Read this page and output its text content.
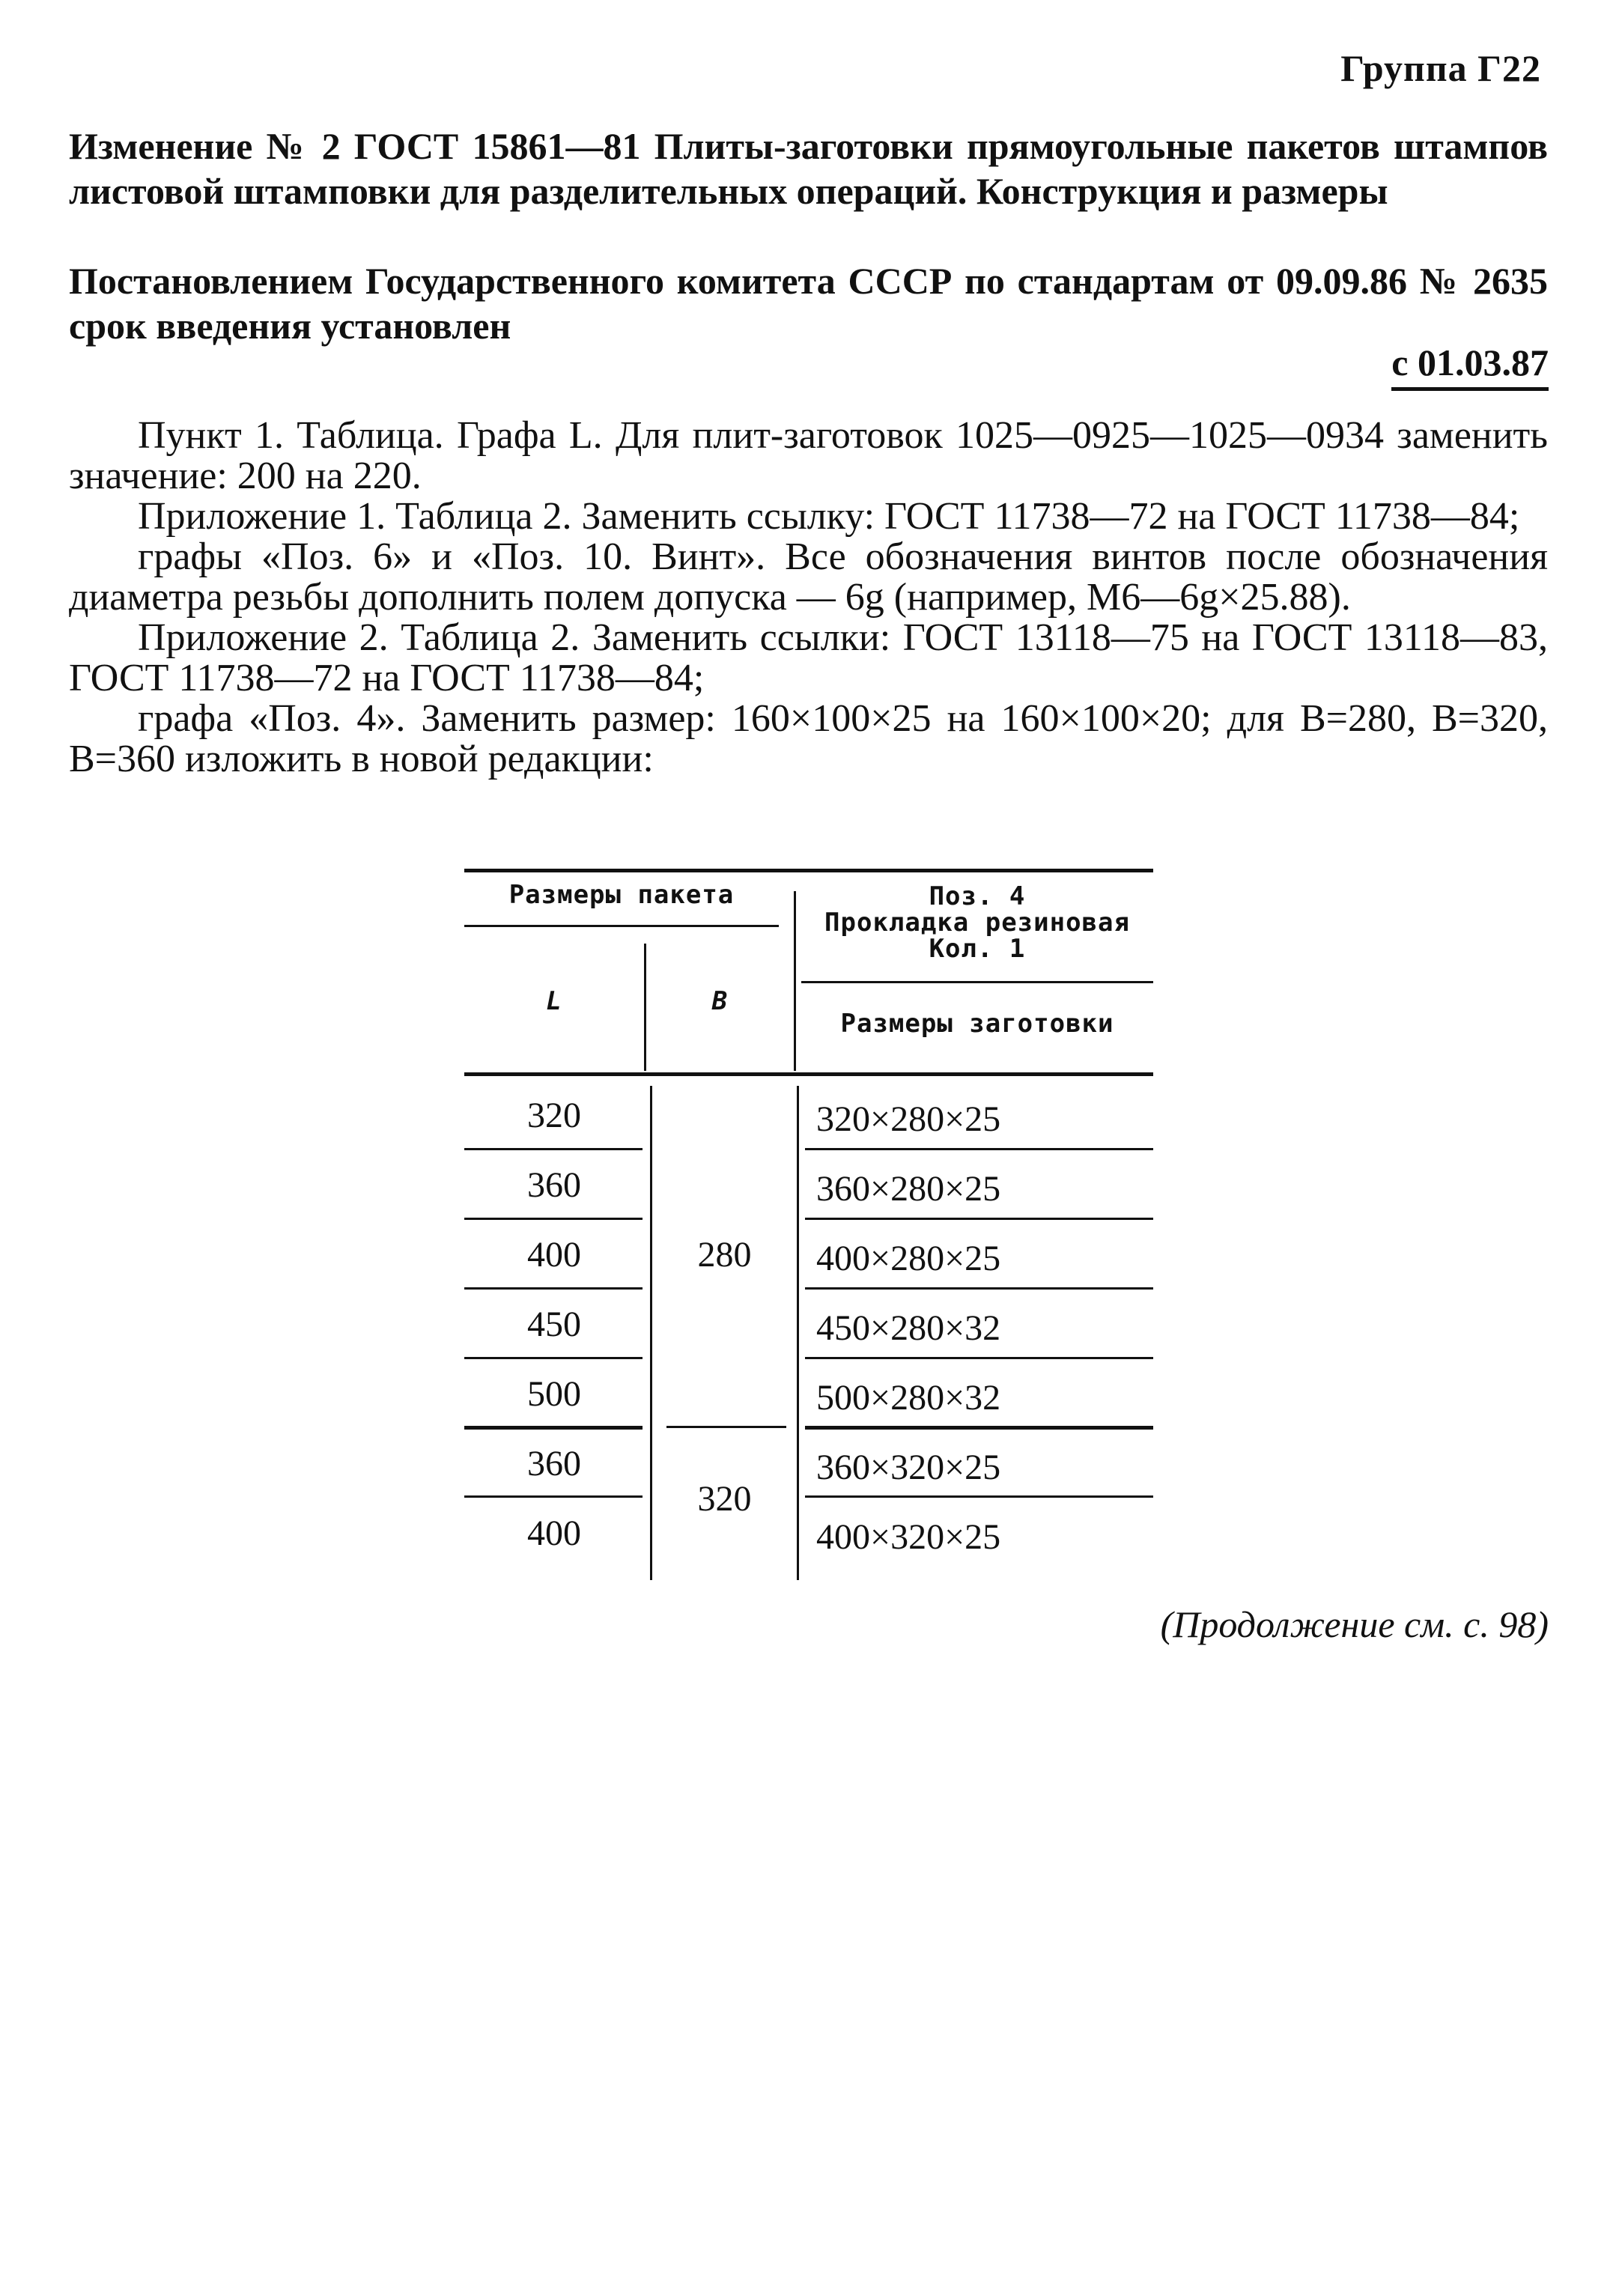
Группа Г22

Изменение № 2 ГОСТ 15861—81 Плиты-заготовки прямоугольные пакетов штампов листовой штамповки для разделительных операций. Конструкция и размеры

Постановлением Государственного комитета СССР по стандартам от 09.09.86 № 2635 срок введения установлен

с 01.03.87

Пункт 1. Таблица. Графа L. Для плит-заготовок 1025—0925—1025—0934 заменить значение: 200 на 220.

Приложение 1. Таблица 2. Заменить ссылку: ГОСТ 11738—72 на ГОСТ 11738—84;

графы «Поз. 6» и «Поз. 10. Винт». Все обозначения винтов после обозначения диаметра резьбы дополнить полем допуска — 6g (например, М6—6g×25.88).

Приложение 2. Таблица 2. Заменить ссылки: ГОСТ 13118—75 на ГОСТ 13118—83, ГОСТ 11738—72 на ГОСТ 11738—84;

графа «Поз. 4». Заменить размер: 160×100×25 на 160×100×20; для B=280, B=320, B=360 изложить в новой редакции:

Размеры пакета
L	B
Поз. 4
Прокладка резиновая
Кол. 1
Размеры заготовки
320
360
400
450
500
360
400
280
320
320×280×25
360×280×25
400×280×25
450×280×32
500×280×32
360×320×25
400×320×25
(Продолжение см. с. 98)
